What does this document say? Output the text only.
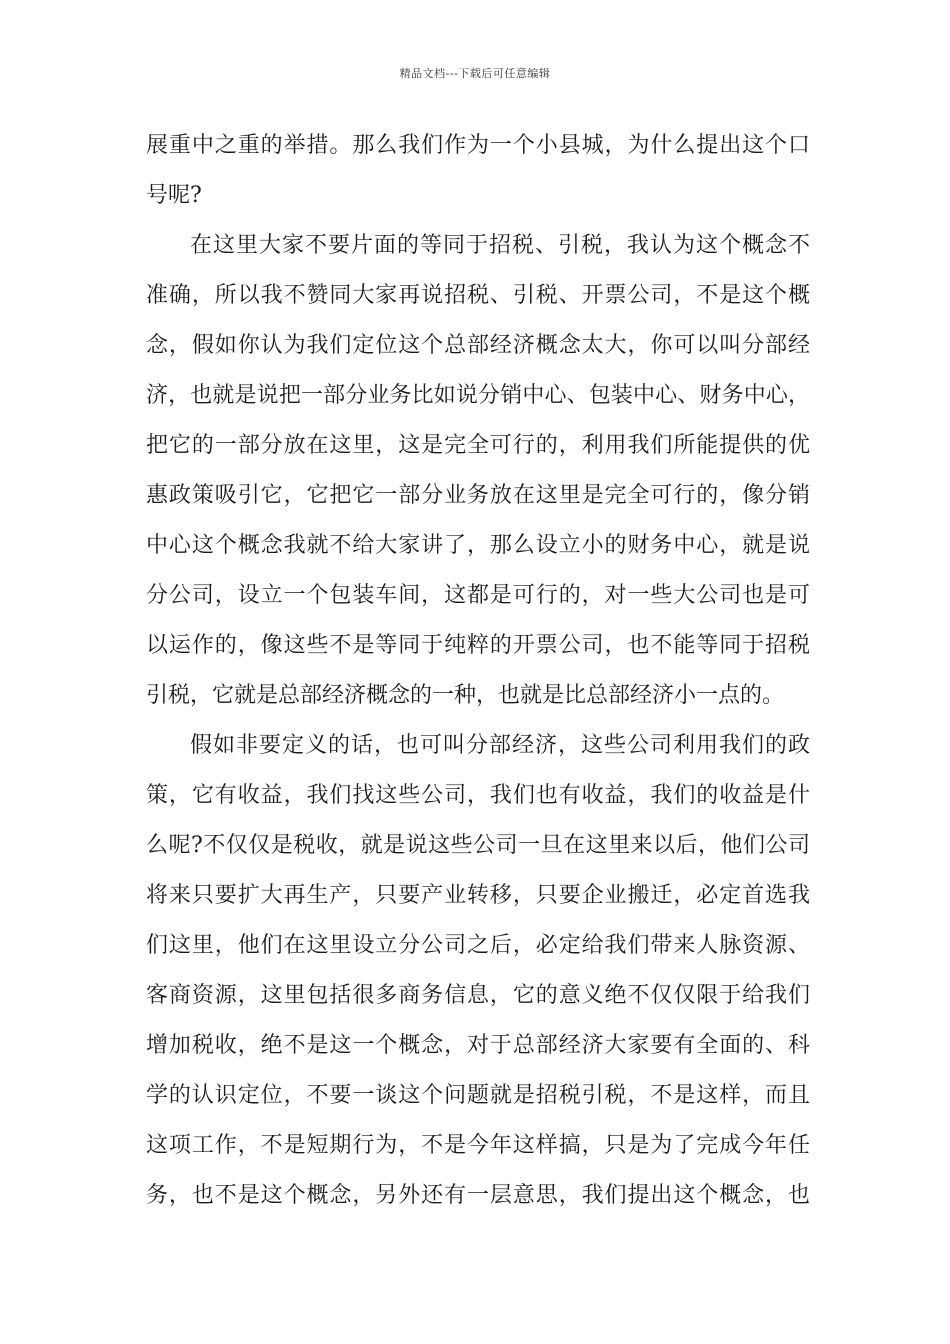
精品文档---下载后可任意编辑
展重中之重的举措。那么我们作为一个小县城，为什么提出这个口
号呢?
在这里大家不要片面的等同于招税、引税，我认为这个概念不
准确，所以我不赞同大家再说招税、引税、开票公司，不是这个概
念，假如你认为我们定位这个总部经济概念太大，你可以叫分部经
济，也就是说把一部分业务比如说分销中心、包装中心、财务中心，
把它的一部分放在这里，这是完全可行的，利用我们所能提供的优
惠政策吸引它，它把它一部分业务放在这里是完全可行的，像分销
中心这个概念我就不给大家讲了，那么设立小的财务中心，就是说
分公司，设立一个包装车间，这都是可行的，对一些大公司也是可
以运作的，像这些不是等同于纯粹的开票公司，也不能等同于招税
引税，它就是总部经济概念的一种，也就是比总部经济小一点的。
假如非要定义的话，也可叫分部经济，这些公司利用我们的政
策，它有收益，我们找这些公司，我们也有收益，我们的收益是什
么呢?不仅仅是税收，就是说这些公司一旦在这里来以后，他们公司
将来只要扩大再生产，只要产业转移，只要企业搬迁，必定首选我
们这里，他们在这里设立分公司之后，必定给我们带来人脉资源、
客商资源，这里包括很多商务信息，它的意义绝不仅仅限于给我们
增加税收，绝不是这一个概念，对于总部经济大家要有全面的、科
学的认识定位，不要一谈这个问题就是招税引税，不是这样，而且
这项工作，不是短期行为，不是今年这样搞，只是为了完成今年任
务，也不是这个概念，另外还有一层意思，我们提出这个概念，也
